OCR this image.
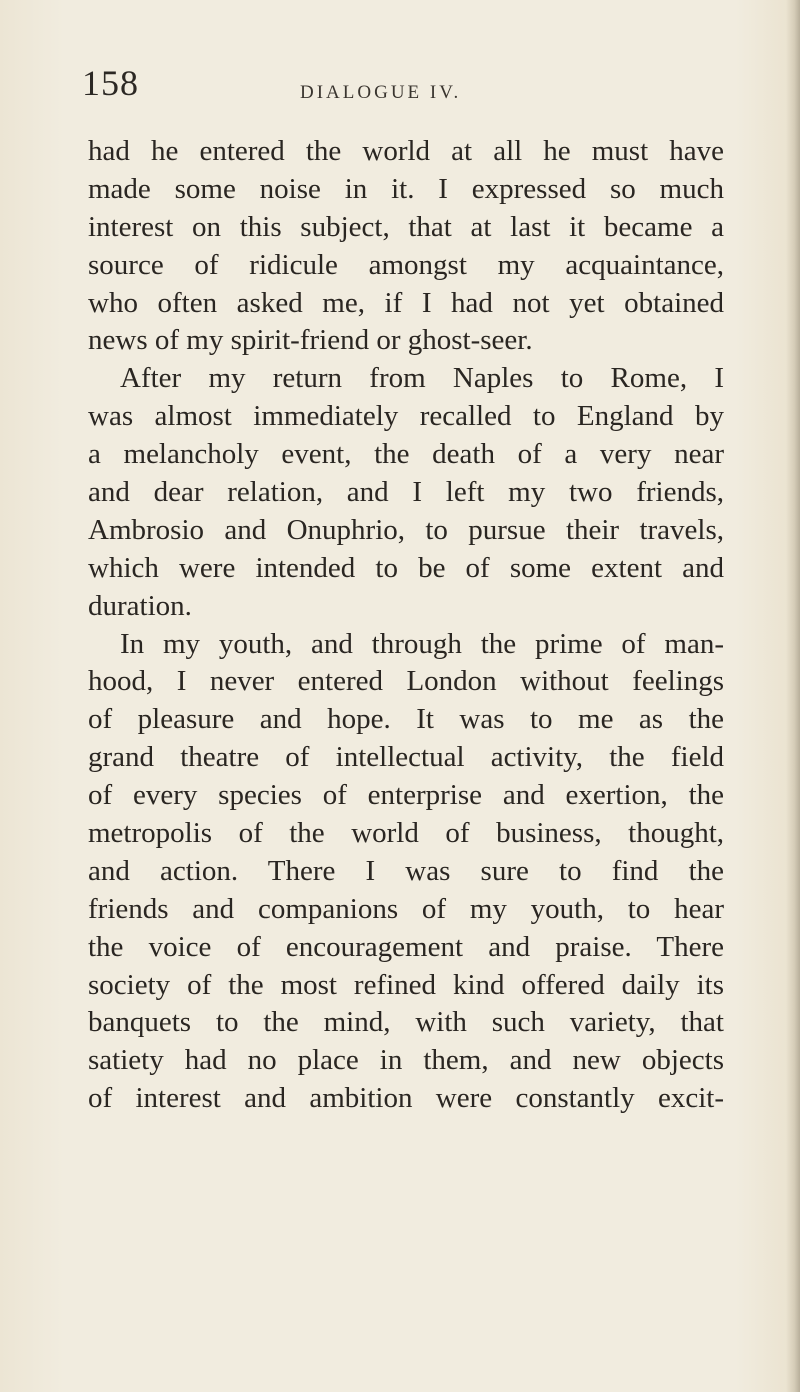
158	DIALOGUE IV.
had he entered the world at all he must have
made some noise in it. I expressed so much
interest on this subject, that at last it became a
source of ridicule amongst my acquaintance,
who often asked me, if I had not yet obtained
news of my spirit-friend or ghost-seer.
After my return from Naples to Rome, I
was almost immediately recalled to England by
a melancholy event, the death of a very near
and dear relation, and I left my two friends,
Ambrosio and Onuphrio, to pursue their travels,
which were intended to be of some extent and
duration.
In my youth, and through the prime of man-
hood, I never entered London without feelings
of pleasure and hope. It was to me as the
grand theatre of intellectual activity, the field
of every species of enterprise and exertion, the
metropolis of the world of business, thought,
and action. There I was sure to find the
friends and companions of my youth, to hear
the voice of encouragement and praise. There
society of the most refined kind offered daily its
banquets to the mind, with such variety, that
satiety had no place in them, and new objects
of interest and ambition were constantly excit-
